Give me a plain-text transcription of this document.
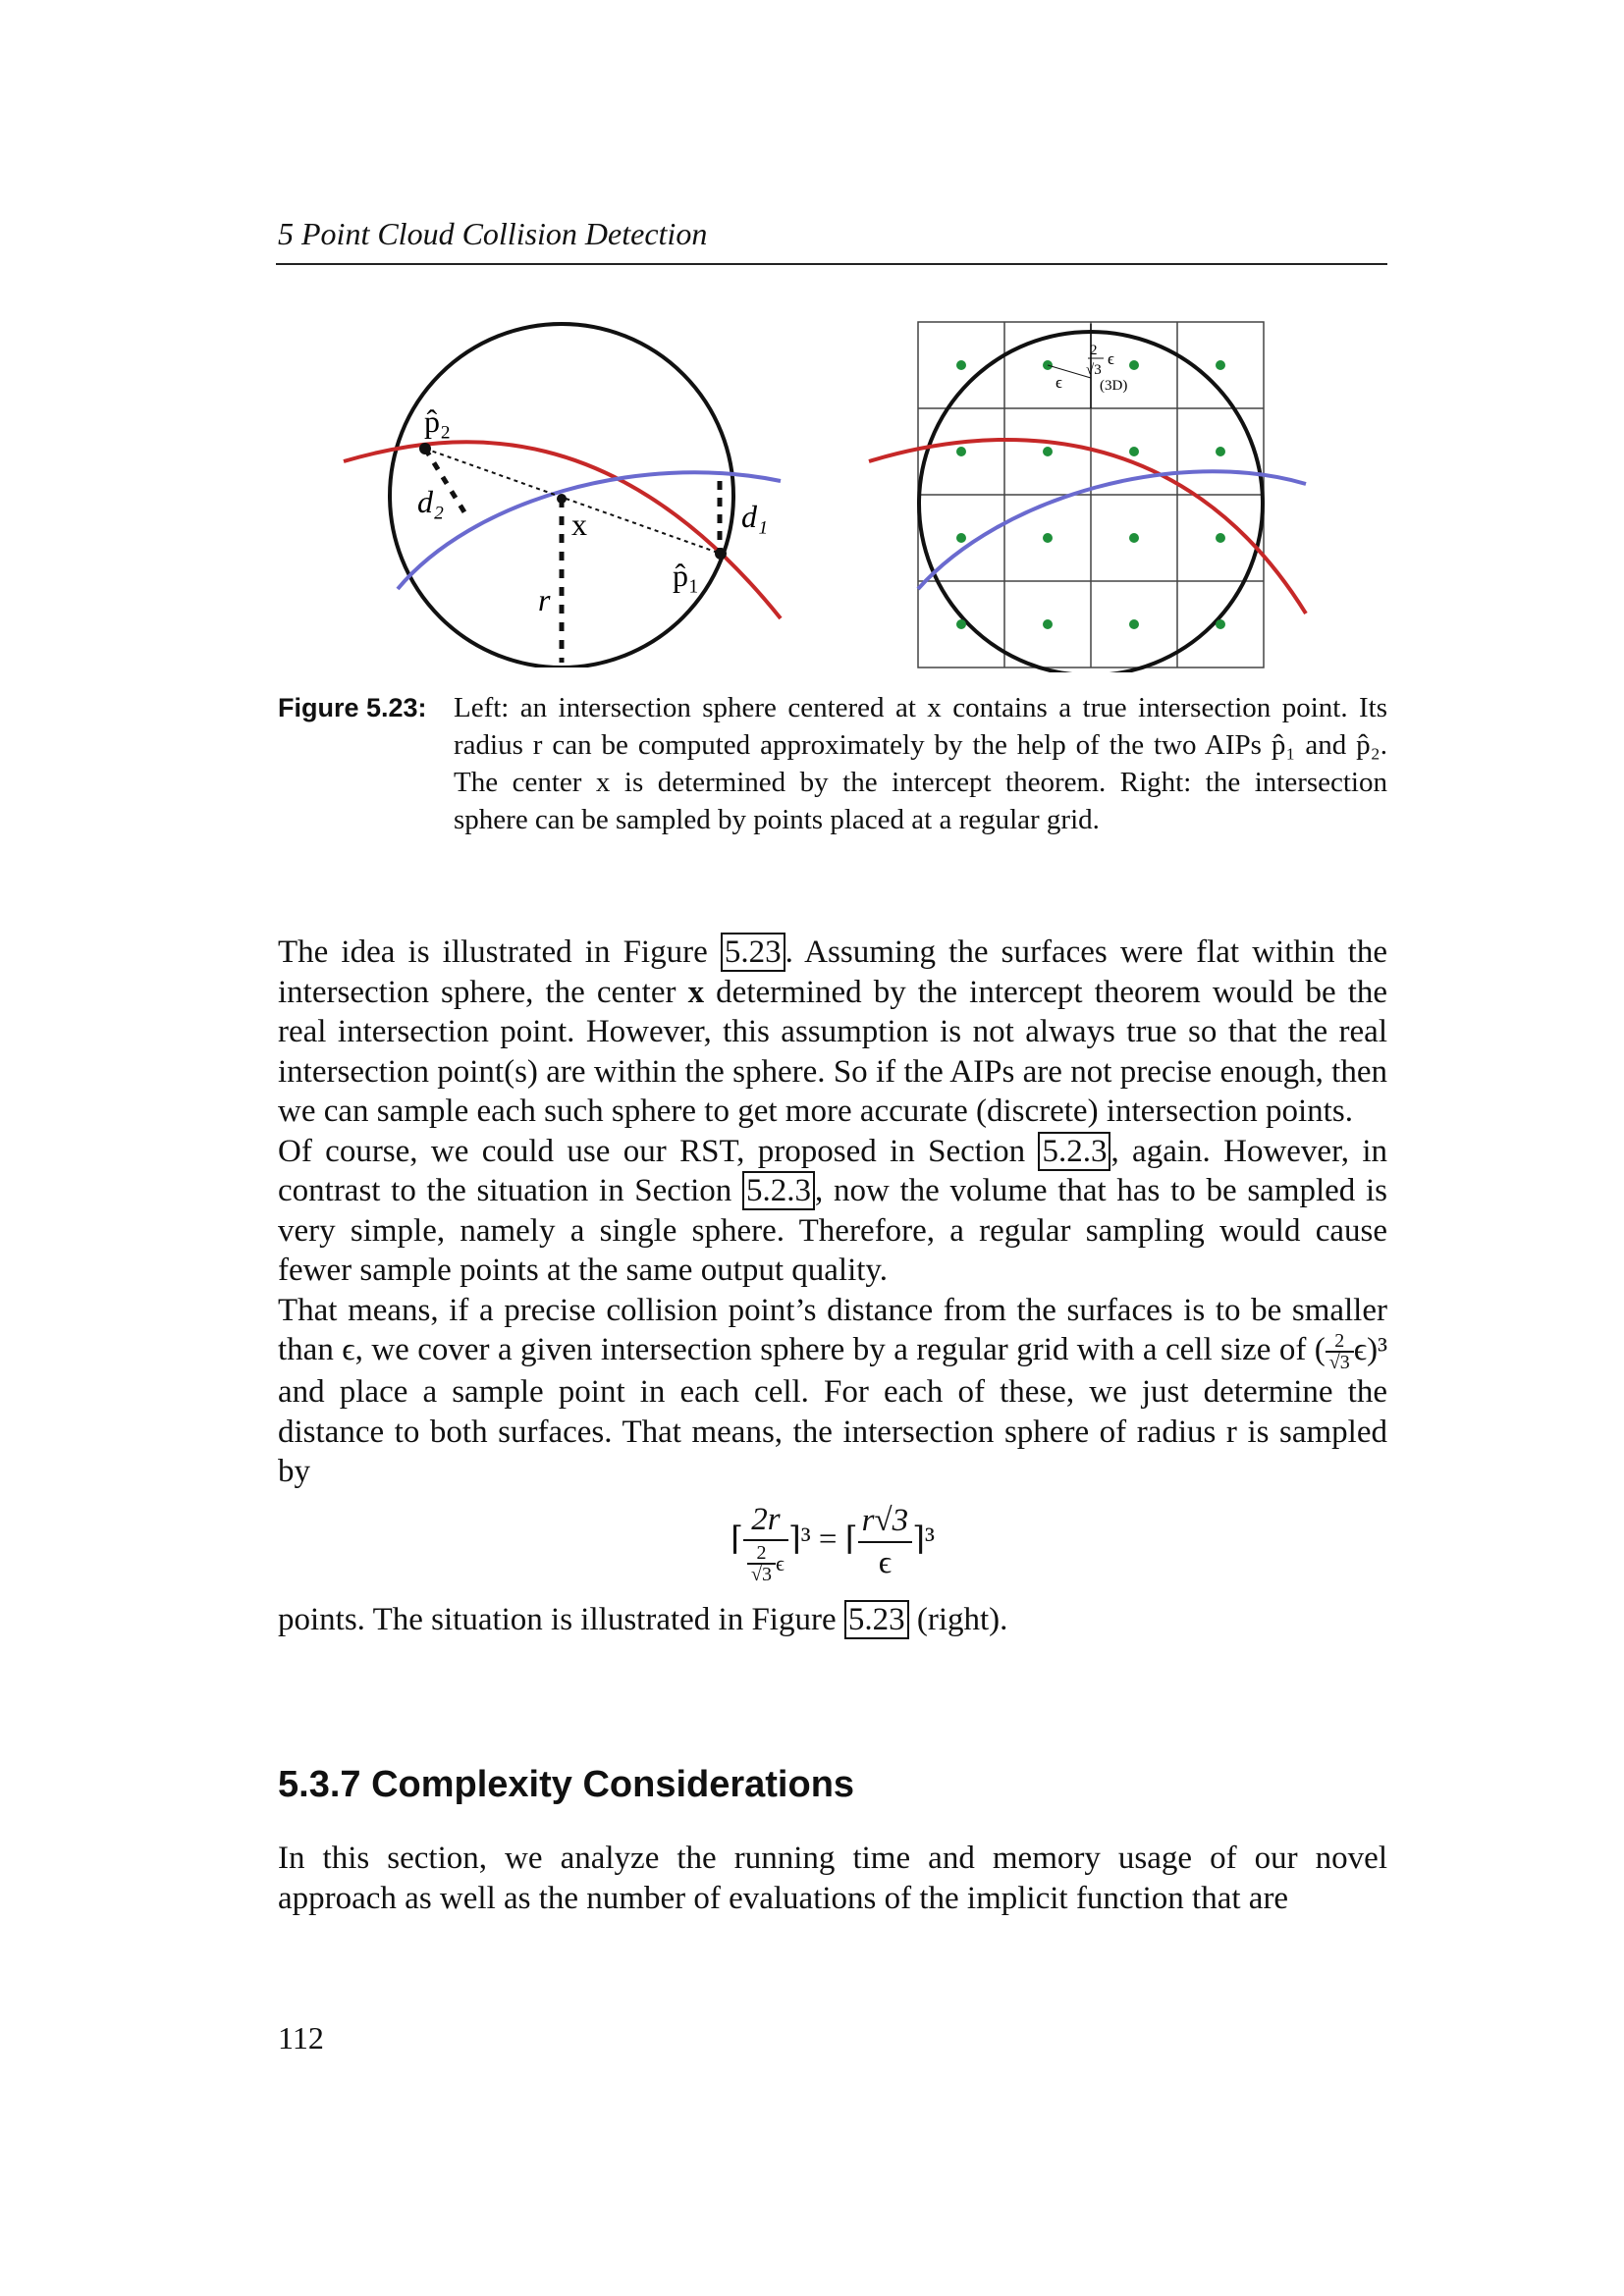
5 Point Cloud Collision Detection
p̂₂
d₂
x	d₁
p̂₁
r
2
√3
ϵ
ϵ	(3D)
Figure 5.23: Left: an intersection sphere centered at x contains a true intersection point. Its radius r can be computed approximately by the help of the two AIPs p̂₁ and p̂₂. The center x is determined by the intercept theorem. Right: the intersection sphere can be sampled by points placed at a regular grid.

The idea is illustrated in Figure 5.23 . Assuming the surfaces were flat within the intersection sphere, the center x determined by the intercept theorem would be the real intersection point. However, this assumption is not always true so that the real intersection point(s) are within the sphere. So if the AIPs are not precise enough, then we can sample each such sphere to get more accurate (discrete) intersection points.

Of course, we could use our RST, proposed in Section 5.2.3 , again. However, in contrast to the situation in Section 5.2.3 , now the volume that has to be sampled is very simple, namely a single sphere. Therefore, a regular sampling would cause fewer sample points at the same output quality.

That means, if a precise collision point’s distance from the surfaces is to be smaller than ϵ, we cover a given intersection sphere by a regular grid with a cell size of ( $\frac{2}{√3} \epsilon)^3$ and place a sample point in each cell. For each of these, we just determine the distance to both surfaces. That means, the intersection sphere of radius r is sampled by

⌈ $\frac{2r}{\frac{2}{√3} \epsilon}$ ⌉³ = ⌈ $\frac{r√3}{\epsilon}$ ⌉³

points. The situation is illustrated in Figure 5.23 (right).

5.3.7 Complexity Considerations
In this section, we analyze the running time and memory usage of our novel approach as well as the number of evaluations of the implicit function that are
112
